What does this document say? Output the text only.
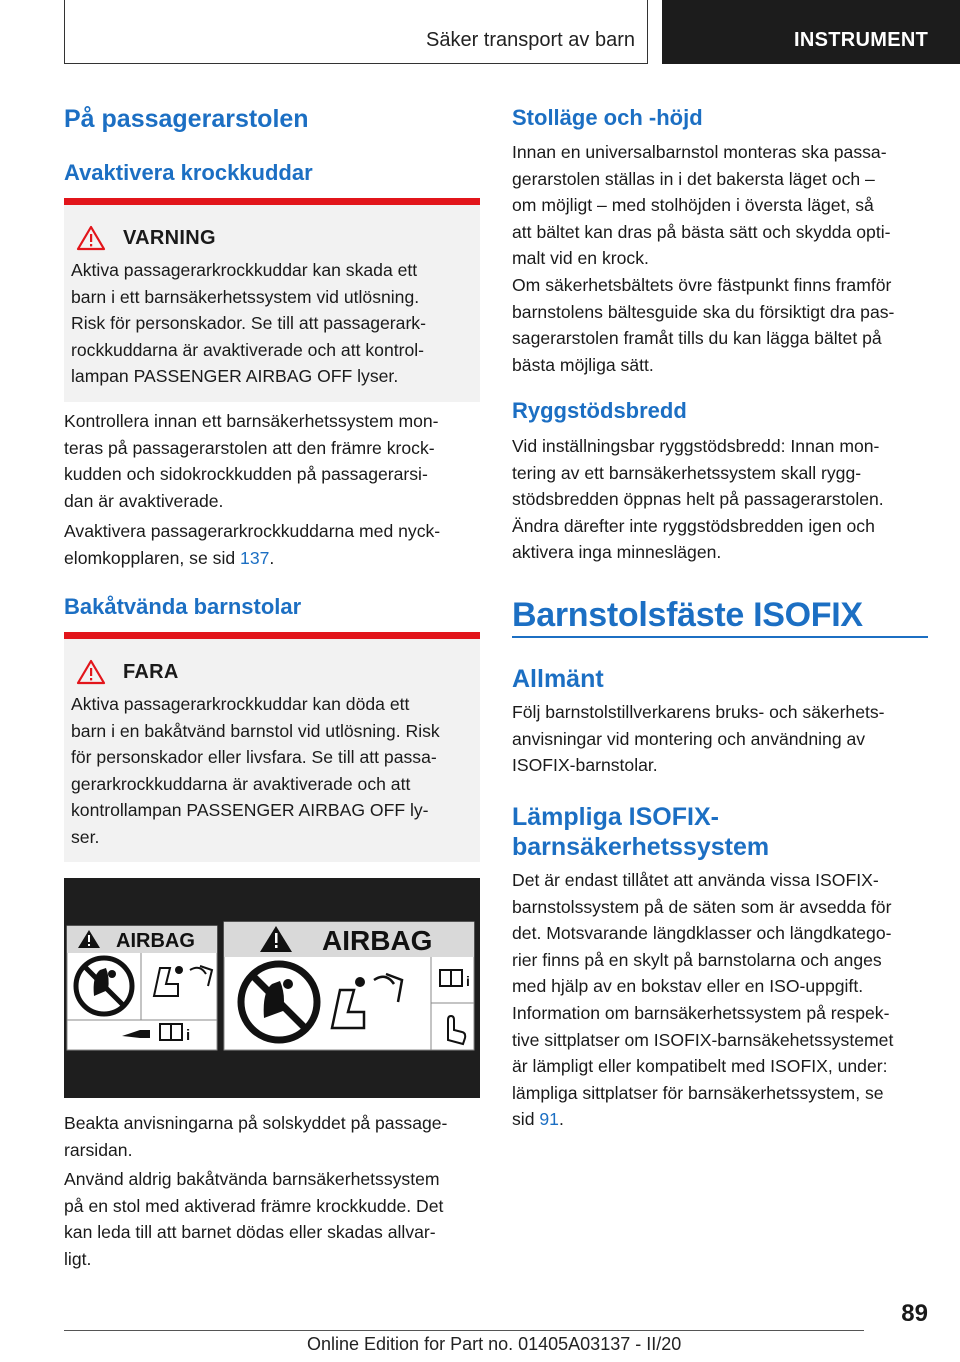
Säker transport av barn	INSTRUMENT
På passagerarstolen
Avaktivera krockkuddar
VARNING
Aktiva passagerarkrockkuddar kan skada ett
barn i ett barnsäkerhetssystem vid utlösning.
Risk för personskador. Se till att passagerark-
rockkuddarna är avaktiverade och att kontrol-
lampan PASSENGER AIRBAG OFF lyser.
Kontrollera innan ett barnsäkerhetssystem mon-
teras på passagerarstolen att den främre krock-
kudden och sidokrockkudden på passagerarsi-
dan är avaktiverade.
Avaktivera passagerarkrockkuddarna med nyck-
elomkopplaren, se sid 137.
Bakåtvända barnstolar
FARA
Aktiva passagerarkrockkuddar kan döda ett
barn i en bakåtvänd barnstol vid utlösning. Risk
för personskador eller livsfara. Se till att passa-
gerarkrockkuddarna är avaktiverade och att
kontrollampan PASSENGER AIRBAG OFF ly-
ser.
AIRBAG
i
AIRBAG
i
Beakta anvisningarna på solskyddet på passage-
rarsidan.
Använd aldrig bakåtvända barnsäkerhetssystem
på en stol med aktiverad främre krockkudde. Det
kan leda till att barnet dödas eller skadas allvar-
ligt.
Stolläge och -höjd
Innan en universalbarnstol monteras ska passa-
gerarstolen ställas in i det bakersta läget och –
om möjligt – med stolhöjden i översta läget, så
att bältet kan dras på bästa sätt och skydda opti-
malt vid en krock.
Om säkerhetsbältets övre fästpunkt finns framför
barnstolens bältesguide ska du försiktigt dra pas-
sagerarstolen framåt tills du kan lägga bältet på
bästa möjliga sätt.
Ryggstödsbredd
Vid inställningsbar ryggstödsbredd: Innan mon-
tering av ett barnsäkerhetssystem skall rygg-
stödsbredden öppnas helt på passagerarstolen.
Ändra därefter inte ryggstödsbredden igen och
aktivera inga minneslägen.
Barnstolsfäste ISOFIX
Allmänt
Följ barnstolstillverkarens bruks- och säkerhets-
anvisningar vid montering och användning av
ISOFIX-barnstolar.
Lämpliga ISOFIX-
barnsäkerhetssystem
Det är endast tillåtet att använda vissa ISOFIX-
barnstolssystem på de säten som är avsedda för
det. Motsvarande längdklasser och längdkatego-
rier finns på en skylt på barnstolarna och anges
med hjälp av en bokstav eller en ISO-uppgift.
Information om barnsäkerhetssystem på respek-
tive sittplatser om ISOFIX-barnsäkehetssystemet
är lämpligt eller kompatibelt med ISOFIX, under:
lämpliga sittplatser för barnsäkerhetssystem, se
sid 91.
89
Online Edition for Part no. 01405A03137 - II/20
